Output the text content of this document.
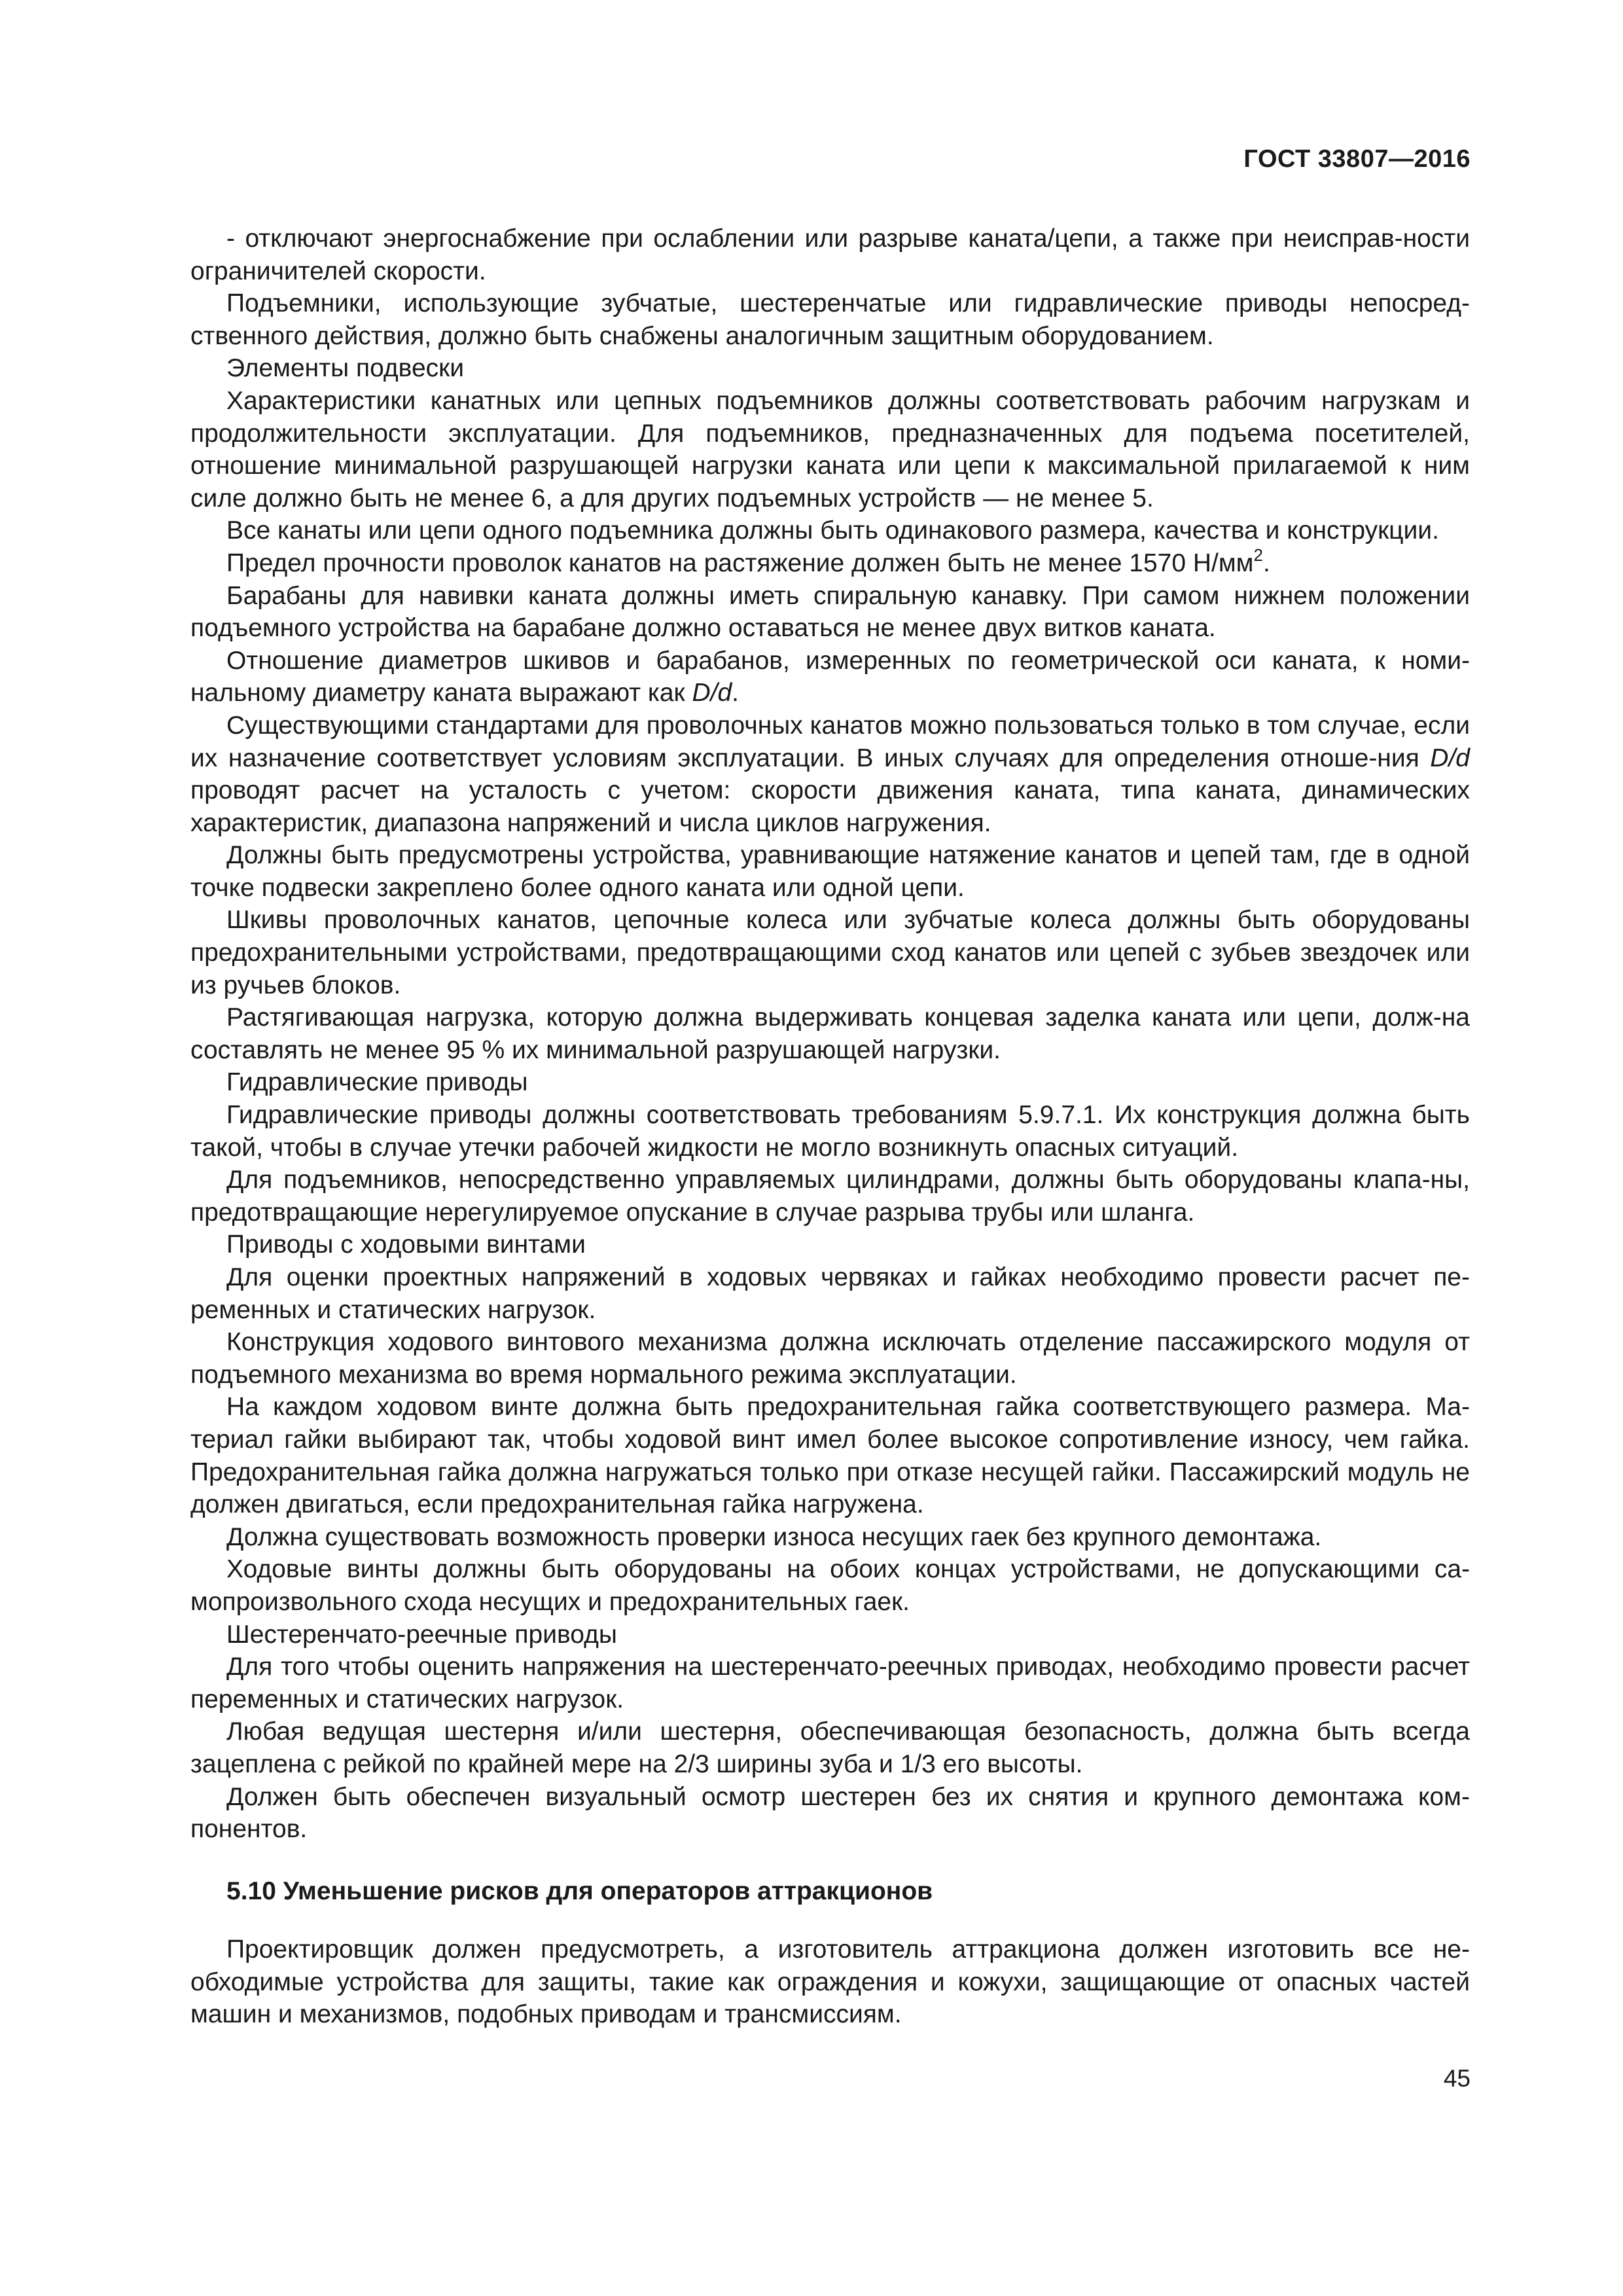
ГОСТ 33807—2016

- отключают энергоснабжение при ослаблении или разрыве каната/цепи, а также при неисправ-ности ограничителей скорости.

Подъемники, использующие зубчатые, шестеренчатые или гидравлические приводы непосред-ственного действия, должно быть снабжены аналогичным защитным оборудованием.

Элементы подвески

Характеристики канатных или цепных подъемников должны соответствовать рабочим нагрузкам и продолжительности эксплуатации. Для подъемников, предназначенных для подъема посетителей, отношение минимальной разрушающей нагрузки каната или цепи к максимальной прилагаемой к ним силе должно быть не менее 6, а для других подъемных устройств — не менее 5.

Все канаты или цепи одного подъемника должны быть одинакового размера, качества и конструкции.

Предел прочности проволок канатов на растяжение должен быть не менее 1570 $Н/мм^2$.

Барабаны для навивки каната должны иметь спиральную канавку. При самом нижнем положении подъемного устройства на барабане должно оставаться не менее двух витков каната.

Отношение диаметров шкивов и барабанов, измеренных по геометрической оси каната, к номи-нальному диаметру каната выражают как D/d.

Существующими стандартами для проволочных канатов можно пользоваться только в том случае, если их назначение соответствует условиям эксплуатации. В иных случаях для определения отноше-ния D/d проводят расчет на усталость с учетом: скорости движения каната, типа каната, динамических характеристик, диапазона напряжений и числа циклов нагружения.

Должны быть предусмотрены устройства, уравнивающие натяжение канатов и цепей там, где в одной точке подвески закреплено более одного каната или одной цепи.

Шкивы проволочных канатов, цепочные колеса или зубчатые колеса должны быть оборудованы предохранительными устройствами, предотвращающими сход канатов или цепей с зубьев звездочек или из ручьев блоков.

Растягивающая нагрузка, которую должна выдерживать концевая заделка каната или цепи, долж-на составлять не менее 95 % их минимальной разрушающей нагрузки.

Гидравлические приводы

Гидравлические приводы должны соответствовать требованиям 5.9.7.1. Их конструкция должна быть такой, чтобы в случае утечки рабочей жидкости не могло возникнуть опасных ситуаций.

Для подъемников, непосредственно управляемых цилиндрами, должны быть оборудованы клапа-ны, предотвращающие нерегулируемое опускание в случае разрыва трубы или шланга.

Приводы с ходовыми винтами

Для оценки проектных напряжений в ходовых червяках и гайках необходимо провести расчет пе-ременных и статических нагрузок.

Конструкция ходового винтового механизма должна исключать отделение пассажирского модуля от подъемного механизма во время нормального режима эксплуатации.

На каждом ходовом винте должна быть предохранительная гайка соответствующего размера. Ма-териал гайки выбирают так, чтобы ходовой винт имел более высокое сопротивление износу, чем гайка. Предохранительная гайка должна нагружаться только при отказе несущей гайки. Пассажирский модуль не должен двигаться, если предохранительная гайка нагружена.

Должна существовать возможность проверки износа несущих гаек без крупного демонтажа.

Ходовые винты должны быть оборудованы на обоих концах устройствами, не допускающими са-мопроизвольного схода несущих и предохранительных гаек.

Шестеренчато-реечные приводы

Для того чтобы оценить напряжения на шестеренчато-реечных приводах, необходимо провести расчет переменных и статических нагрузок.

Любая ведущая шестерня и/или шестерня, обеспечивающая безопасность, должна быть всегда зацеплена с рейкой по крайней мере на 2/3 ширины зуба и 1/3 его высоты.

Должен быть обеспечен визуальный осмотр шестерен без их снятия и крупного демонтажа ком-понентов.

5.10 Уменьшение рисков для операторов аттракционов

Проектировщик должен предусмотреть, а изготовитель аттракциона должен изготовить все не-обходимые устройства для защиты, такие как ограждения и кожухи, защищающие от опасных частей машин и механизмов, подобных приводам и трансмиссиям.

45
